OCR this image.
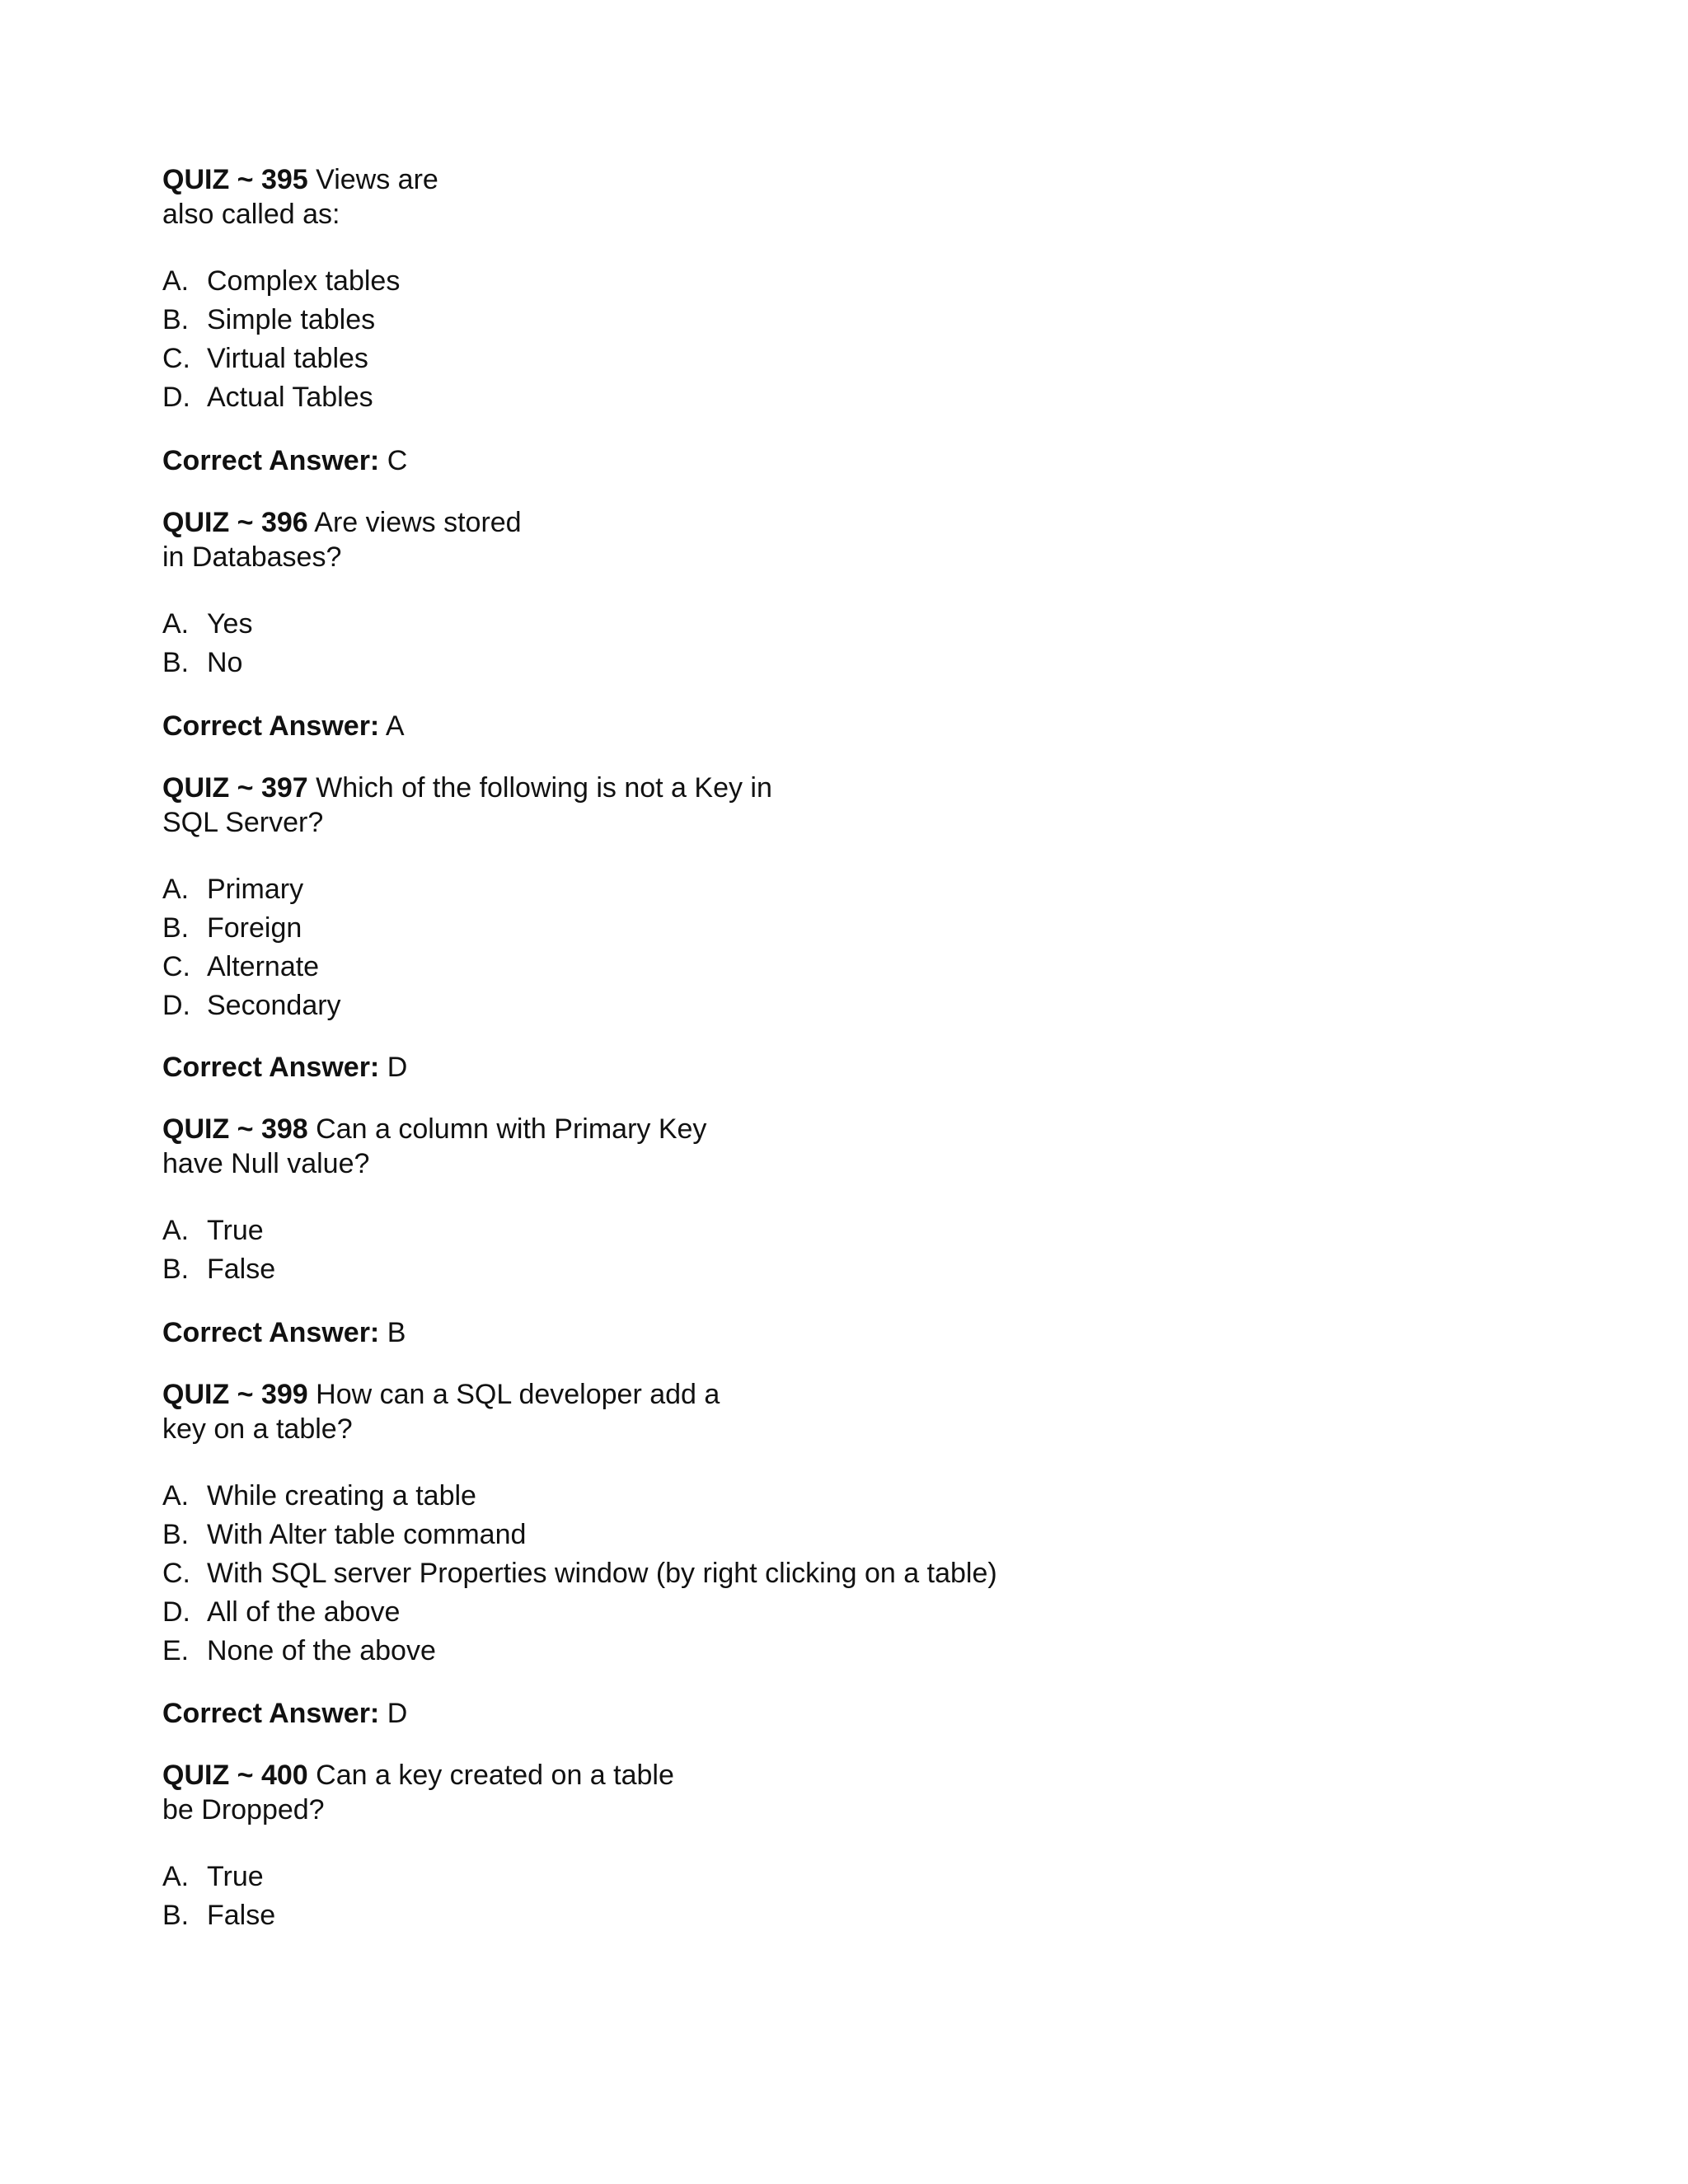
QUIZ ~ 395 Views are
also called as:

A. Complex tables
B. Simple tables
C. Virtual tables
D. Actual Tables

Correct Answer: C

QUIZ ~ 396 Are views stored
in Databases?

A. Yes
B. No

Correct Answer: A

QUIZ ~ 397 Which of the following is not a Key in
SQL Server?

A. Primary
B. Foreign
C. Alternate
D. Secondary

Correct Answer: D

QUIZ ~ 398 Can a column with Primary Key
have Null value?

A. True
B. False

Correct Answer: B

QUIZ ~ 399 How can a SQL developer add a
key on a table?

A. While creating a table
B. With Alter table command
C. With SQL server Properties window (by right clicking on a table)
D. All of the above
E. None of the above

Correct Answer: D

QUIZ ~ 400 Can a key created on a table
be Dropped?

A. True
B. False
